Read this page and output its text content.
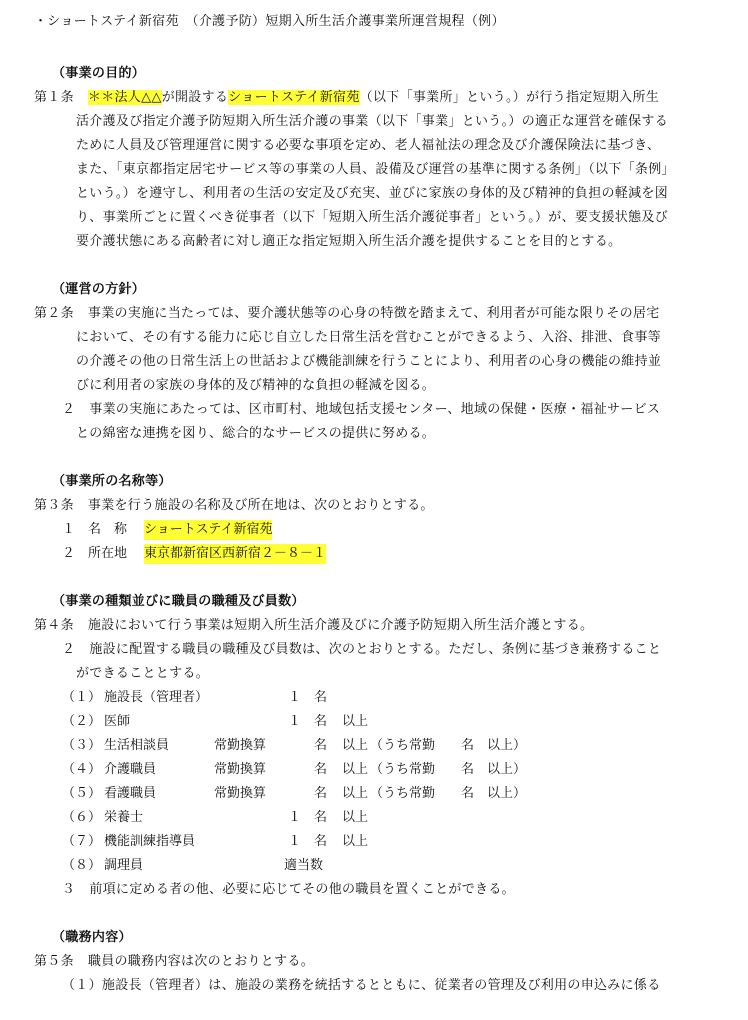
・ショートステイ新宿苑　（介護予防）短期入所生活介護事業所運営規程（例）
（事業の目的）
第１条 ＊＊法人△△が開設するショートステイ新宿苑（以下「事業所」という。）が行う指定短期入所生
活介護及び指定介護予防短期入所生活介護の事業（以下「事業」という。）の適正な運営を確保する
ために人員及び管理運営に関する必要な事項を定め、老人福祉法の理念及び介護保険法に基づき、
また、「東京都指定居宅サービス等の事業の人員、設備及び運営の基準に関する条例」（以下「条例」
という。）を遵守し、利用者の生活の安定及び充実、並びに家族の身体的及び精神的負担の軽減を図
り、事業所ごとに置くべき従事者（以下「短期入所生活介護従事者」という。）が、要支援状態及び
要介護状態にある高齢者に対し適正な指定短期入所生活介護を提供することを目的とする。
（運営の方針）
第２条 事業の実施に当たっては、要介護状態等の心身の特徴を踏まえて、利用者が可能な限りその居宅
において、その有する能力に応じ自立した日常生活を営むことができるよう、入浴、排泄、食事等
の介護その他の日常生活上の世話および機能訓練を行うことにより、利用者の心身の機能の維持並
びに利用者の家族の身体的及び精神的な負担の軽減を図る。
２ 事業の実施にあたっては、区市町村、地域包括支援センター、地域の保健・医療・福祉サービス
との綿密な連携を図り、総合的なサービスの提供に努める。
（事業所の名称等）
第３条 事業を行う施設の名称及び所在地は、次のとおりとする。
１ 名　称 ショートステイ新宿苑
２ 所在地 東京都新宿区西新宿２－８－１
（事業の種類並びに職員の職種及び員数）
第４条 施設において行う事業は短期入所生活介護及びに介護予防短期入所生活介護とする。
２ 施設に配置する職員の職種及び員数は、次のとおりとする。ただし、条例に基づき兼務すること
ができることとする。
（１） 施設長（管理者）	１ 名
（２） 医師	１ 名 以上
（３） 生活相談員	常勤換算	名 以上 （うち常勤　　名　以上）
（４） 介護職員	常勤換算	名 以上 （うち常勤　　名　以上）
（５） 看護職員	常勤換算	名 以上 （うち常勤　　名　以上）
（６） 栄養士	１ 名 以上
（７） 機能訓練指導員	１ 名 以上
（８） 調理員	適当数
３ 前項に定める者の他、必要に応じてその他の職員を置くことができる。
（職務内容）
第５条 職員の職務内容は次のとおりとする。
（１）施設長（管理者）は、施設の業務を統括するとともに、従業者の管理及び利用の申込みに係る
